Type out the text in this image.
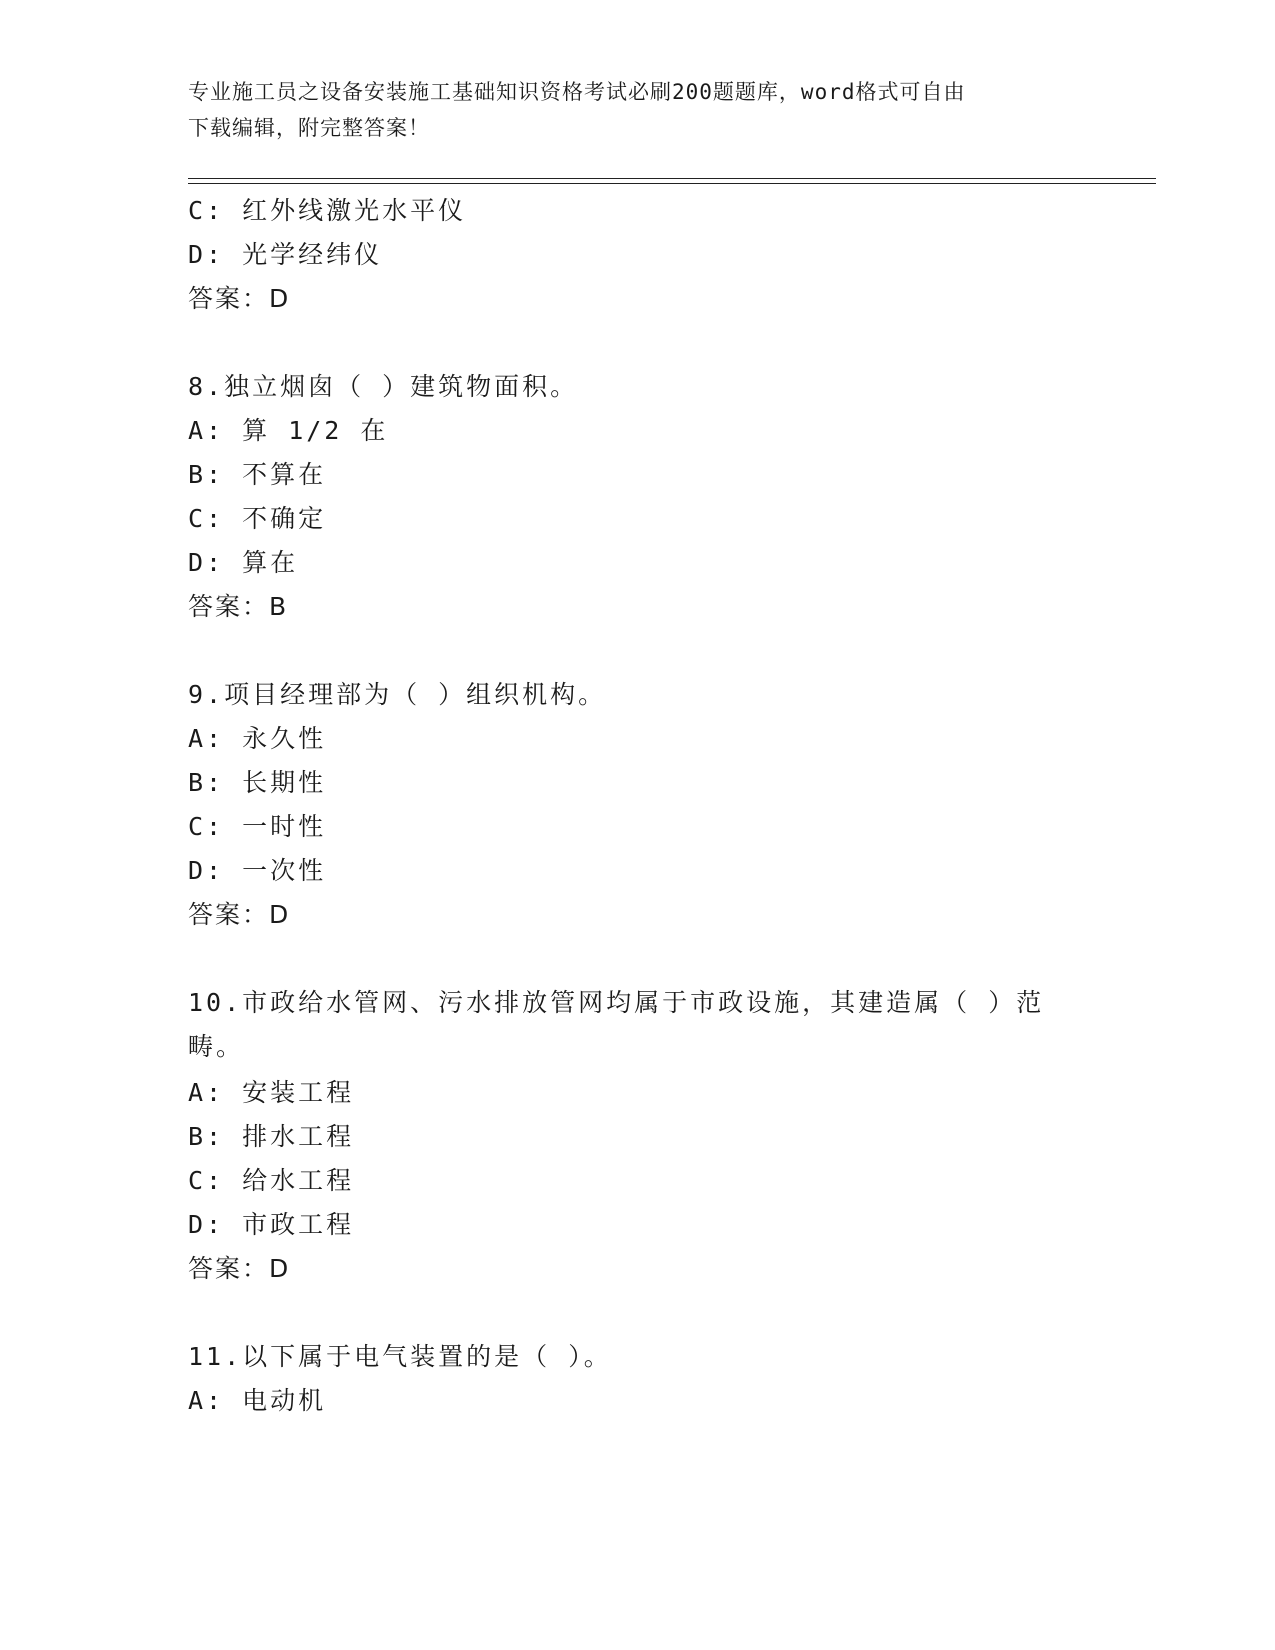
专业施工员之设备安装施工基础知识资格考试必刷200题题库，word格式可自由
下载编辑，附完整答案！
C: 红外线激光水平仪
D: 光学经纬仪
答案：D
8.独立烟囱（ ）建筑物面积。
A: 算 1/2 在
B: 不算在
C: 不确定
D: 算在
答案：B
9.项目经理部为（ ）组织机构。
A: 永久性
B: 长期性
C: 一时性
D: 一次性
答案：D
10.市政给水管网、污水排放管网均属于市政设施，其建造属（ ）范
畴。
A: 安装工程
B: 排水工程
C: 给水工程
D: 市政工程
答案：D
11.以下属于电气装置的是（ ）。
A: 电动机
